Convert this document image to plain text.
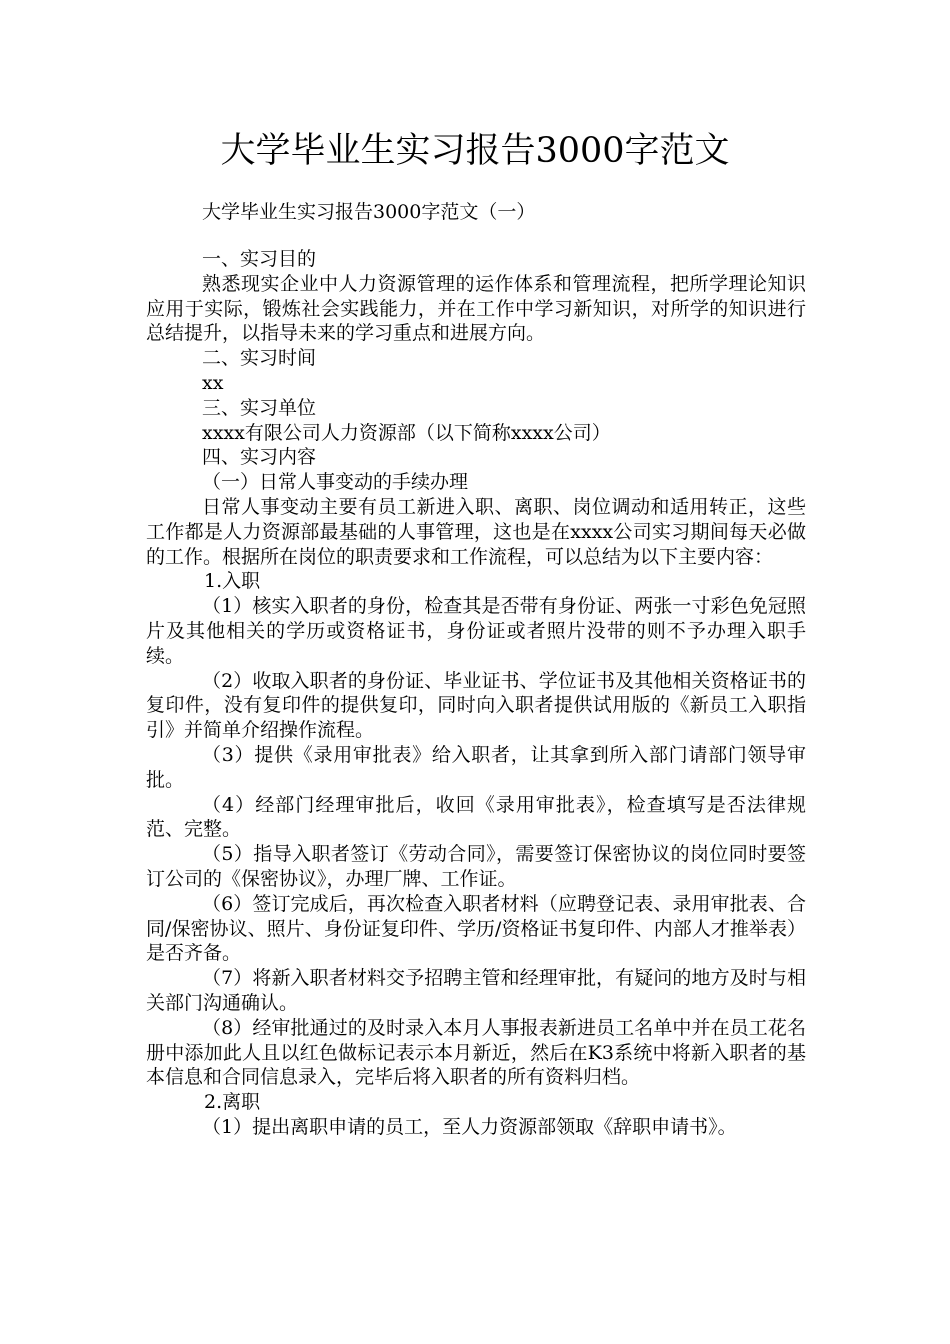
大学毕业生实习报告3000字范文
大学毕业生实习报告3000字范文（一）

一、实习目的

熟悉现实企业中人力资源管理的运作体系和管理流程，把所学理论知识应用于实际，锻炼社会实践能力，并在工作中学习新知识，对所学的知识进行总结提升，以指导未来的学习重点和进展方向。

二、实习时间

xx

三、实习单位

xxxx有限公司人力资源部（以下简称xxxx公司）

四、实习内容

（一）日常人事变动的手续办理

日常人事变动主要有员工新进入职、离职、岗位调动和适用转正，这些工作都是人力资源部最基础的人事管理，这也是在xxxx公司实习期间每天必做的工作。根据所在岗位的职责要求和工作流程，可以总结为以下主要内容：

1.入职

（1）核实入职者的身份，检查其是否带有身份证、两张一寸彩色免冠照片及其他相关的学历或资格证书，身份证或者照片没带的则不予办理入职手续。

（2）收取入职者的身份证、毕业证书、学位证书及其他相关资格证书的复印件，没有复印件的提供复印，同时向入职者提供试用版的《新员工入职指引》并简单介绍操作流程。

（3）提供《录用审批表》给入职者，让其拿到所入部门请部门领导审批。

（4）经部门经理审批后，收回《录用审批表》，检查填写是否法律规范、完整。

（5）指导入职者签订《劳动合同》，需要签订保密协议的岗位同时要签订公司的《保密协议》，办理厂牌、工作证。

（6）签订完成后，再次检查入职者材料（应聘登记表、录用审批表、合同/保密协议、照片、身份证复印件、学历/资格证书复印件、内部人才推举表）是否齐备。

（7）将新入职者材料交予招聘主管和经理审批，有疑问的地方及时与相关部门沟通确认。

（8）经审批通过的及时录入本月人事报表新进员工名单中并在员工花名册中添加此人且以红色做标记表示本月新近，然后在K3系统中将新入职者的基本信息和合同信息录入，完毕后将入职者的所有资料归档。

2.离职

（1）提出离职申请的员工，至人力资源部领取《辞职申请书》。
